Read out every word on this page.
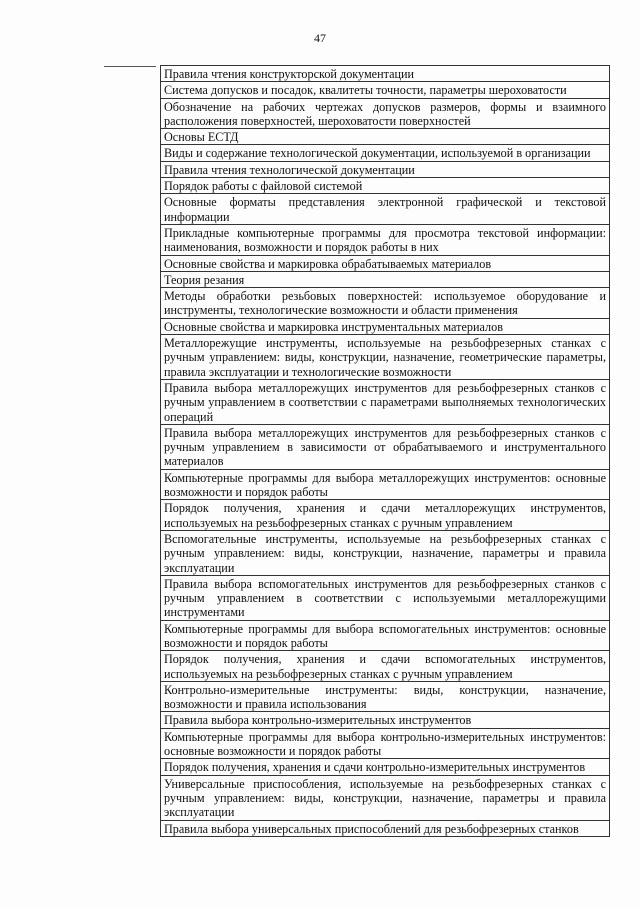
47
Правила чтения конструкторской документации
Система допусков и посадок, квалитеты точности, параметры шероховатости
Обозначение на рабочих чертежах допусков размеров, формы и взаимного расположения поверхностей, шероховатости поверхностей
Основы ЕСТД
Виды и содержание технологической документации, используемой в организации
Правила чтения технологической документации
Порядок работы с файловой системой
Основные форматы представления электронной графической и текстовой информации
Прикладные компьютерные программы для просмотра текстовой информации: наименования, возможности и порядок работы в них
Основные свойства и маркировка обрабатываемых материалов
Теория резания
Методы обработки резьбовых поверхностей: используемое оборудование и инструменты, технологические возможности и области применения
Основные свойства и маркировка инструментальных материалов
Металлорежущие инструменты, используемые на резьбофрезерных станках с ручным управлением: виды, конструкции, назначение, геометрические параметры, правила эксплуатации и технологические возможности
Правила выбора металлорежущих инструментов для резьбофрезерных станков с ручным управлением в соответствии с параметрами выполняемых технологических операций
Правила выбора металлорежущих инструментов для резьбофрезерных станков с ручным управлением в зависимости от обрабатываемого и инструментального материалов
Компьютерные программы для выбора металлорежущих инструментов: основные возможности и порядок работы
Порядок получения, хранения и сдачи металлорежущих инструментов, используемых на резьбофрезерных станках с ручным управлением
Вспомогательные инструменты, используемые на резьбофрезерных станках с ручным управлением: виды, конструкции, назначение, параметры и правила эксплуатации
Правила выбора вспомогательных инструментов для резьбофрезерных станков с ручным управлением в соответствии с используемыми металлорежущими инструментами
Компьютерные программы для выбора вспомогательных инструментов: основные возможности и порядок работы
Порядок получения, хранения и сдачи вспомогательных инструментов, используемых на резьбофрезерных станках с ручным управлением
Контрольно-измерительные инструменты: виды, конструкции, назначение, возможности и правила использования
Правила выбора контрольно-измерительных инструментов
Компьютерные программы для выбора контрольно-измерительных инструментов: основные возможности и порядок работы
Порядок получения, хранения и сдачи контрольно-измерительных инструментов
Универсальные приспособления, используемые на резьбофрезерных станках с ручным управлением: виды, конструкции, назначение, параметры и правила эксплуатации
Правила выбора универсальных приспособлений для резьбофрезерных станков
